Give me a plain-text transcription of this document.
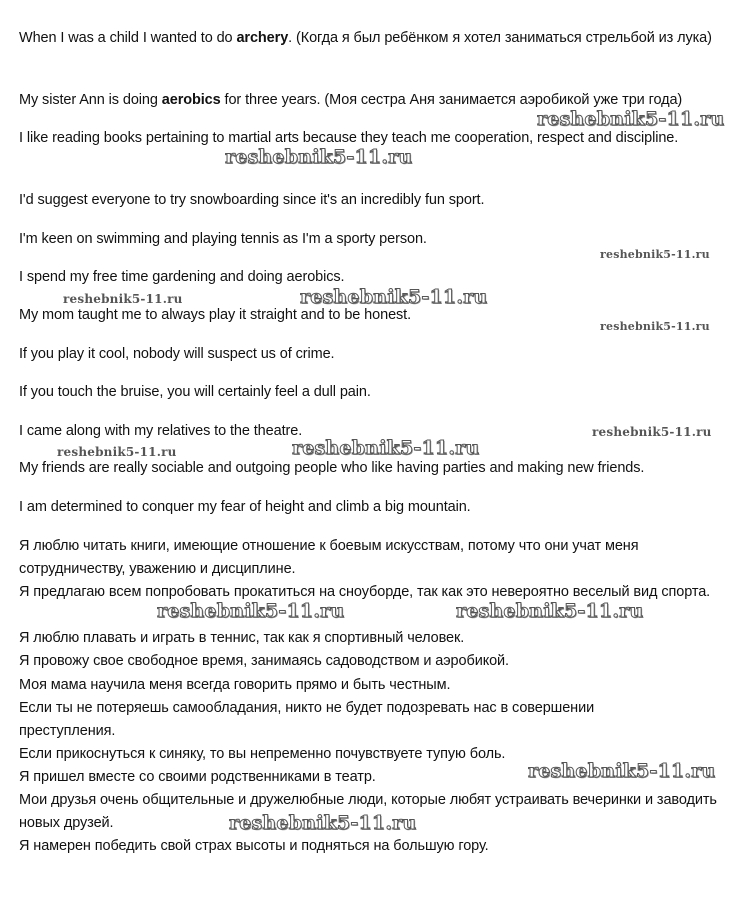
When I was a child I wanted to do archery. (Когда я был ребёнком я хотел заниматься стрельбой из лука)
My sister Ann is doing aerobics for three years. (Моя сестра Аня занимается аэробикой уже три года)
I like reading books pertaining to martial arts because they teach me cooperation, respect and discipline.
I'd suggest everyone to try snowboarding since it's an incredibly fun sport.
I'm keen on swimming and playing tennis as I'm a sporty person.
I spend my free time gardening and doing aerobics.
My mom taught me to always play it straight and to be honest.
If you play it cool, nobody will suspect us of crime.
If you touch the bruise, you will certainly feel a dull pain.
I came along with my relatives to the theatre.
My friends are really sociable and outgoing people who like having parties and making new friends.
I am determined to conquer my fear of height and climb a big mountain.
Я люблю читать книги, имеющие отношение к боевым искусствам, потому что они учат меня сотрудничеству, уважению и дисциплине.
Я предлагаю всем попробовать прокатиться на сноуборде, так как это невероятно веселый вид спорта.
Я люблю плавать и играть в теннис, так как я спортивный человек.
Я провожу свое свободное время, занимаясь садоводством и аэробикой.
Моя мама научила меня всегда говорить прямо и быть честным.
Если ты не потеряешь самообладания, никто не будет подозревать нас в совершении преступления.
Если прикоснуться к синяку, то вы непременно почувствуете тупую боль.
Я пришел вместе со своими родственниками в театр.
Мои друзья очень общительные и дружелюбные люди, которые любят устраивать вечеринки и заводить новых друзей.
Я намерен победить свой страх высоты и подняться на большую гору.
reshebnik5-11.ru
reshebnik5-11.ru
reshebnik5-11.ru
reshebnik5-11.ru
reshebnik5-11.ru
reshebnik5-11.ru
reshebnik5-11.ru
reshebnik5-11.ru
reshebnik5-11.ru
reshebnik5-11.ru	reshebnik5-11.ru
reshebnik5-11.ru
reshebnik5-11.ru
